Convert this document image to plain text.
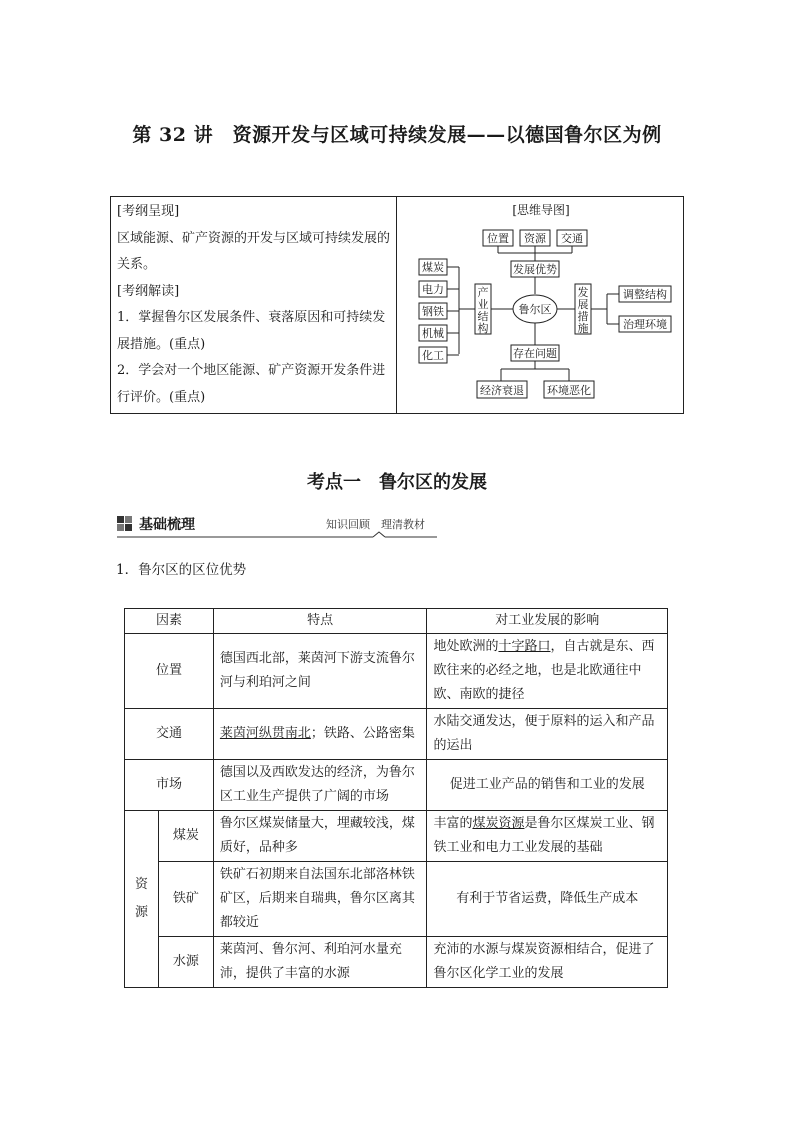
第 32 讲　资源开发与区域可持续发展——以德国鲁尔区为例

[考纲呈现]

区域能源、矿产资源的开发与区域可持续发展的关系。

[考纲解读]

1．掌握鲁尔区发展条件、衰落原因和可持续发展措施。(重点)

2．学会对一个地区能源、矿产资源开发条件进行评价。(重点)

[思维导图]
位置 资源 交通
发展优势
鲁尔区
煤炭
电力
钢铁
机械
化工
调整结构
治理环境
存在问题
经济衰退 环境恶化
产业结构
发展措施
考点一　鲁尔区的发展
基础梳理	知识回顾　理清教材
1．鲁尔区的区位优势
因素		特点	对工业发展的影响
位置		德国西北部，莱茵河下游支流鲁尔河与利珀河之间	地处欧洲的十字路口，自古就是东、西欧往来的必经之地，也是北欧通往中欧、南欧的捷径
交通		莱茵河纵贯南北；铁路、公路密集	水陆交通发达，便于原料的运入和产品的运出
市场		德国以及西欧发达的经济，为鲁尔区工业生产提供了广阔的市场	促进工业产品的销售和工业的发展
资
源	煤炭	鲁尔区煤炭储量大，埋藏较浅，煤质好，品种多	丰富的煤炭资源是鲁尔区煤炭工业、钢铁工业和电力工业发展的基础
	铁矿	铁矿石初期来自法国东北部洛林铁矿区，后期来自瑞典，鲁尔区离其都较近	有利于节省运费，降低生产成本
	水源	莱茵河、鲁尔河、利珀河水量充沛，提供了丰富的水源	充沛的水源与煤炭资源相结合，促进了鲁尔区化学工业的发展
